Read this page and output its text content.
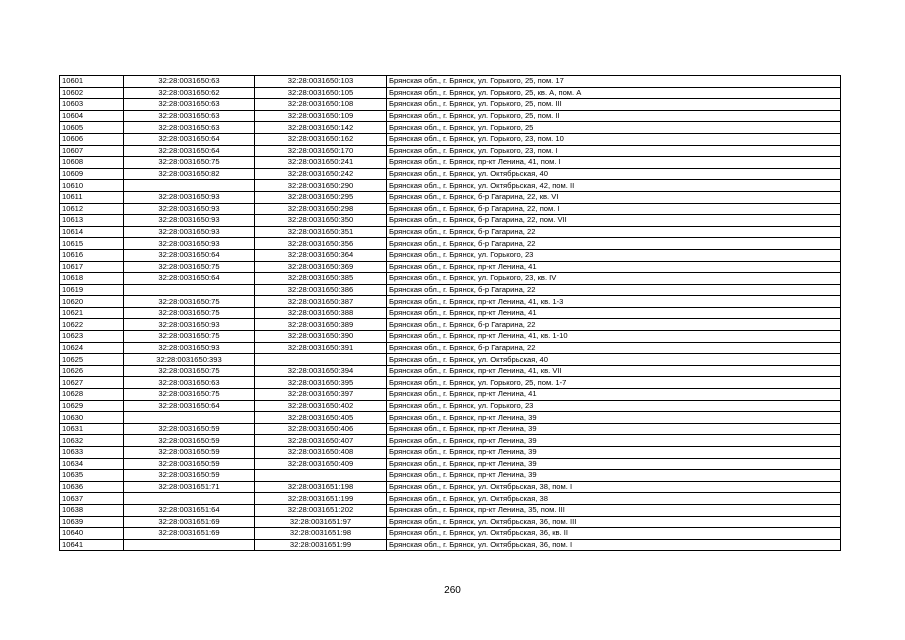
10601	32:28:0031650:63	32:28:0031650:103	Брянская обл., г. Брянск, ул. Горького, 25, пом. 17
10602	32:28:0031650:62	32:28:0031650:105	Брянская обл., г. Брянск, ул. Горького, 25, кв. А, пом. А
10603	32:28:0031650:63	32:28:0031650:108	Брянская обл., г. Брянск, ул. Горького, 25, пом. III
10604	32:28:0031650:63	32:28:0031650:109	Брянская обл., г. Брянск, ул. Горького, 25, пом. II
10605	32:28:0031650:63	32:28:0031650:142	Брянская обл., г. Брянск, ул. Горького, 25
10606	32:28:0031650:64	32:28:0031650:162	Брянская обл., г. Брянск, ул. Горького, 23, пом. 10
10607	32:28:0031650:64	32:28:0031650:170	Брянская обл., г. Брянск, ул. Горького, 23, пом. I
10608	32:28:0031650:75	32:28:0031650:241	Брянская обл., г. Брянск, пр-кт Ленина, 41, пом. I
10609	32:28:0031650:82	32:28:0031650:242	Брянская обл., г. Брянск, ул. Октябрьская, 40
10610		32:28:0031650:290	Брянская обл., г. Брянск, ул. Октябрьская, 42, пом. II
10611	32:28:0031650:93	32:28:0031650:295	Брянская обл., г. Брянск, б-р Гагарина, 22, кв. VI
10612	32:28:0031650:93	32:28:0031650:298	Брянская обл., г. Брянск, б-р Гагарина, 22, пом. I
10613	32:28:0031650:93	32:28:0031650:350	Брянская обл., г. Брянск, б-р Гагарина, 22, пом. VII
10614	32:28:0031650:93	32:28:0031650:351	Брянская обл., г. Брянск, б-р Гагарина, 22
10615	32:28:0031650:93	32:28:0031650:356	Брянская обл., г. Брянск, б-р Гагарина, 22
10616	32:28:0031650:64	32:28:0031650:364	Брянская обл., г. Брянск, ул. Горького, 23
10617	32:28:0031650:75	32:28:0031650:369	Брянская обл., г. Брянск, пр-кт Ленина, 41
10618	32:28:0031650:64	32:28:0031650:385	Брянская обл., г. Брянск, ул. Горького, 23, кв. IV
10619		32:28:0031650:386	Брянская обл., г. Брянск, б-р Гагарина, 22
10620	32:28:0031650:75	32:28:0031650:387	Брянская обл., г. Брянск, пр-кт Ленина, 41, кв. 1-3
10621	32:28:0031650:75	32:28:0031650:388	Брянская обл., г. Брянск, пр-кт Ленина, 41
10622	32:28:0031650:93	32:28:0031650:389	Брянская обл., г. Брянск, б-р Гагарина, 22
10623	32:28:0031650:75	32:28:0031650:390	Брянская обл., г. Брянск, пр-кт Ленина, 41, кв. 1-10
10624	32:28:0031650:93	32:28:0031650:391	Брянская обл., г. Брянск, б-р Гагарина, 22
10625	32:28:0031650:393		Брянская обл., г. Брянск, ул. Октябрьская, 40
10626	32:28:0031650:75	32:28:0031650:394	Брянская обл., г. Брянск, пр-кт Ленина, 41, кв. VII
10627	32:28:0031650:63	32:28:0031650:395	Брянская обл., г. Брянск, ул. Горького, 25, пом. 1-7
10628	32:28:0031650:75	32:28:0031650:397	Брянская обл., г. Брянск, пр-кт Ленина, 41
10629	32:28:0031650:64	32:28:0031650:402	Брянская обл., г. Брянск, ул. Горького, 23
10630		32:28:0031650:405	Брянская обл., г. Брянск, пр-кт Ленина, 39
10631	32:28:0031650:59	32:28:0031650:406	Брянская обл., г. Брянск, пр-кт Ленина, 39
10632	32:28:0031650:59	32:28:0031650:407	Брянская обл., г. Брянск, пр-кт Ленина, 39
10633	32:28:0031650:59	32:28:0031650:408	Брянская обл., г. Брянск, пр-кт Ленина, 39
10634	32:28:0031650:59	32:28:0031650:409	Брянская обл., г. Брянск, пр-кт Ленина, 39
10635	32:28:0031650:59		Брянская обл., г. Брянск, пр-кт Ленина, 39
10636	32:28:0031651:71	32:28:0031651:198	Брянская обл., г. Брянск, ул. Октябрьская, 38, пом. I
10637		32:28:0031651:199	Брянская обл., г. Брянск, ул. Октябрьская, 38
10638	32:28:0031651:64	32:28:0031651:202	Брянская обл., г. Брянск, пр-кт Ленина, 35, пом. III
10639	32:28:0031651:69	32:28:0031651:97	Брянская обл., г. Брянск, ул. Октябрьская, 36, пом. III
10640	32:28:0031651:69	32:28:0031651:98	Брянская обл., г. Брянск, ул. Октябрьская, 36, кв. II
10641		32:28:0031651:99	Брянская обл., г. Брянск, ул. Октябрьская, 36, пом. I
260
